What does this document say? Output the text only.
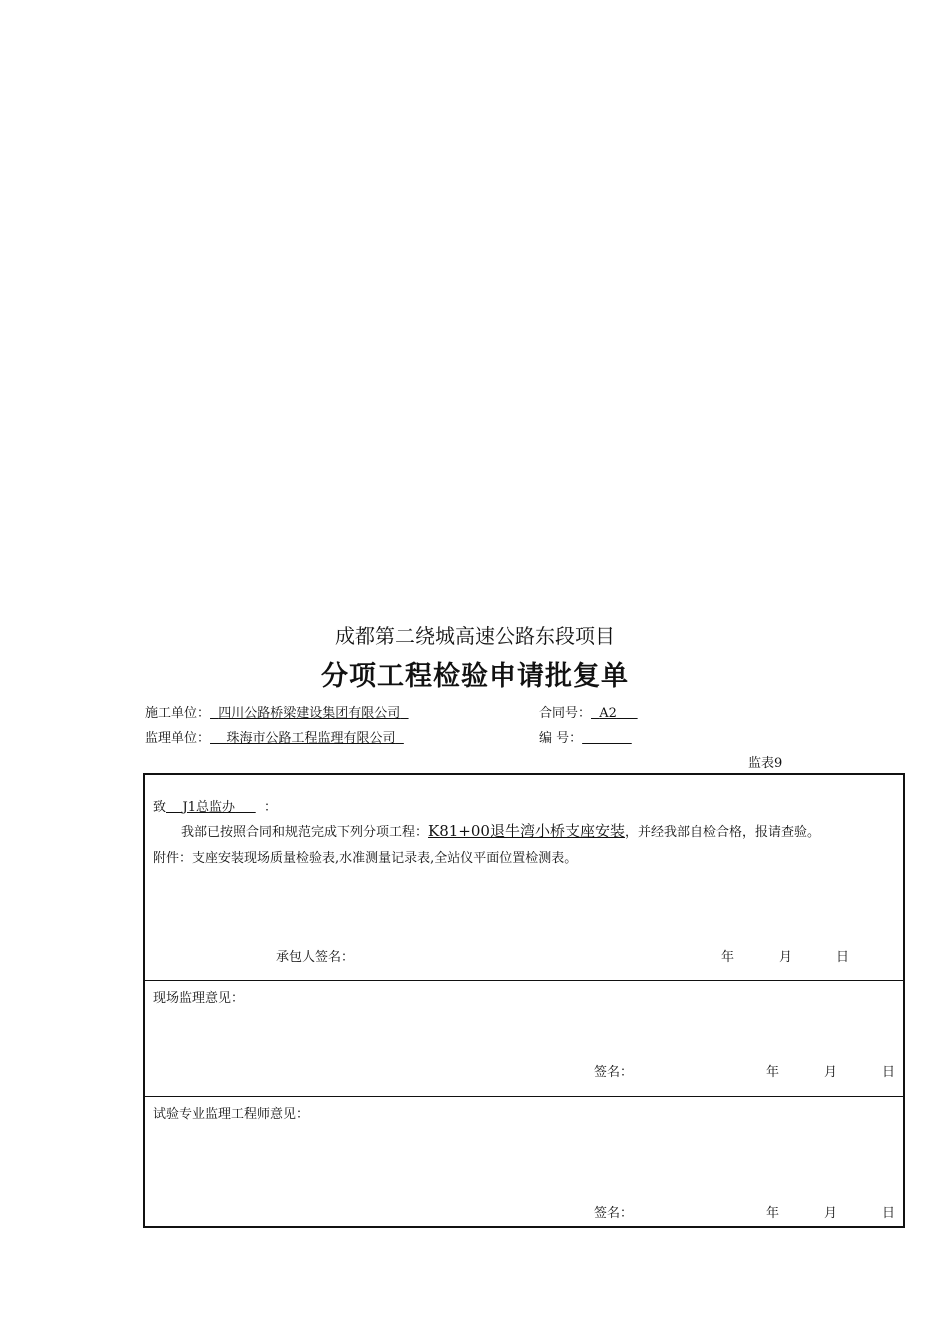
成都第二绕城高速公路东段项目
分项工程检验申请批复单
施工单位： 四川公路桥梁建设集团有限公司	合同号： A2
监理单位： 珠海市公路工程监理有限公司	编 号：
监表9
致 J1总监办 ：
我部已按照合同和规范完成下列分项工程：K81+00退牛湾小桥支座安装，并经我部自检合格，报请查验。
附件：支座安装现场质量检验表,水准测量记录表,全站仪平面位置检测表。
承包人签名：	年	月	日
现场监理意见：
签名：	年	月	日
试验专业监理工程师意见：
签名：	年	月	日
